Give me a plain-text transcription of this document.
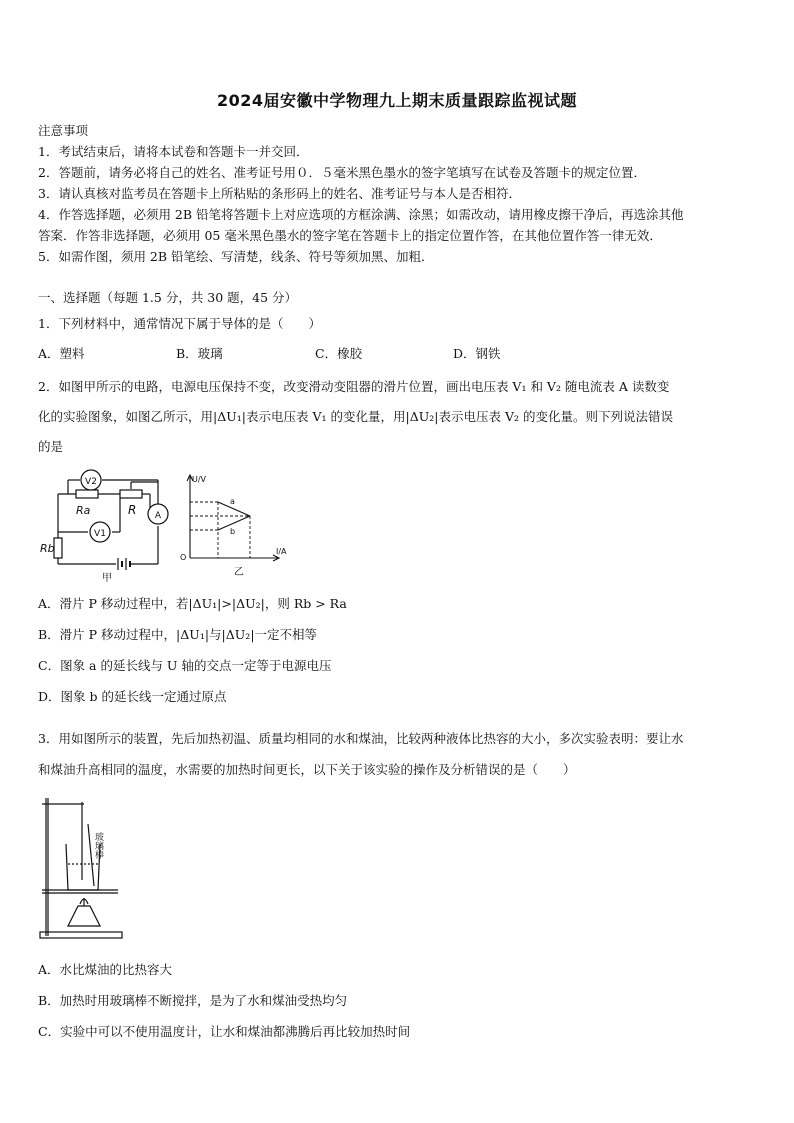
2024届安徽中学物理九上期末质量跟踪监视试题
注意事项
1．考试结束后，请将本试卷和答题卡一并交回．
2．答题前，请务必将自己的姓名、准考证号用０．５毫米黑色墨水的签字笔填写在试卷及答题卡的规定位置．
3．请认真核对监考员在答题卡上所粘贴的条形码上的姓名、准考证号与本人是否相符．
4．作答选择题，必须用 2B 铅笔将答题卡上对应选项的方框涂满、涂黑；如需改动，请用橡皮擦干净后，再选涂其他
答案．作答非选择题，必须用 05 毫米黑色墨水的签字笔在答题卡上的指定位置作答，在其他位置作答一律无效．
5．如需作图，须用 2B 铅笔绘、写清楚，线条、符号等须加黑、加粗．
一、选择题（每题 1.5 分，共 30 题，45 分）
1．下列材料中，通常情况下属于导体的是（　　）
A．塑料	B．玻璃	C．橡胶	D．钢铁
2．如图甲所示的电路，电源电压保持不变，改变滑动变阻器的滑片位置，画出电压表 V₁ 和 V₂ 随电流表 A 读数变
化的实验图象，如图乙所示，用|ΔU₁|表示电压表 V₁ 的变化量，用|ΔU₂|表示电压表 V₂ 的变化量。则下列说法错误
的是
V2
V1
A
Ra	R
Rb
甲
U/V
I/A
O
a
b
乙
A．滑片 P 移动过程中，若|ΔU₁|>|ΔU₂|，则 Rb > Ra
B．滑片 P 移动过程中，|ΔU₁|与|ΔU₂|一定不相等
C．图象 a 的延长线与 U 轴的交点一定等于电源电压
D．图象 b 的延长线一定通过原点
3．用如图所示的装置，先后加热初温、质量均相同的水和煤油，比较两种液体比热容的大小，多次实验表明：要让水
和煤油升高相同的温度，水需要的加热时间更长，以下关于该实验的操作及分析错误的是（　　）
玻璃棒
A．水比煤油的比热容大
B．加热时用玻璃棒不断搅拌，是为了水和煤油受热均匀
C．实验中可以不使用温度计，让水和煤油都沸腾后再比较加热时间
